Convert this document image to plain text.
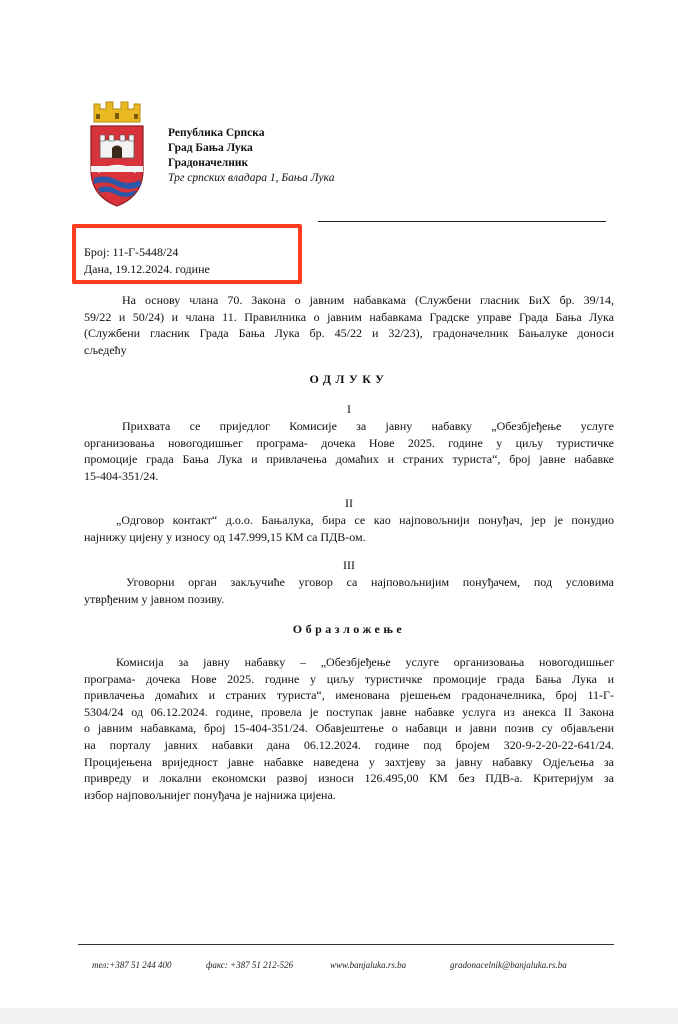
Република Српска
Град Бања Лука
Градоначелник
Трг српских владара 1, Бања Лука
Број: 11-Г-5448/24
Дана, 19.12.2024. године
На основу члана 70. Закона о јавним набавкама (Службени гласник БиХ бр. 39/14,
59/22 и 50/24) и члана 11. Правилника о јавним набавкама Градске управе Града Бања Лука
(Службени гласник Града Бања Лука бр. 45/22 и 32/23), градоначелник Бањалуке доноси
сљедећу
ОДЛУКУ
I
Прихвата се приједлог Комисије за јавну набавку „Обезбјеђење услуге
организовања новогодишњег програма- дочека Нове 2025. године у циљу туристичке
промоције града Бања Лука и привлачења домаћих и страних туриста“, број јавне набавке
15-404-351/24.
II
„Одговор контакт“ д.о.о. Бањалука, бира се као најповољнији понуђач, јер је понудио
најнижу цијену у износу од 147.999,15 КМ са ПДВ-ом.
III
Уговорни орган закључиће уговор са најповољнијим понуђачем, под условима
утврђеним у јавном позиву.
Образложење
Комисија за јавну набавку – „Обезбјеђење услуге организовања новогодишњег
програма- дочека Нове 2025. године у циљу туристичке промоције града Бања Лука и
привлачења домаћих и страних туриста“, именована рјешењем градоначелника, број 11-Г-
5304/24 од 06.12.2024. године, провела је поступак јавне набавке услуга из анекса II Закона
о јавним набавкама, број 15-404-351/24. Обавјештење о набавци и јавни позив су објављени
на порталу јавних набавки дана 06.12.2024. године под бројем 320-9-2-20-22-641/24.
Процијењена вриједност јавне набавке наведена у захтјеву за јавну набавку Одјељења за
привреду и локални економски развој износи 126.495,00 КМ без ПДВ-а. Критеријум за
избор најповољнијег понуђача је најнижа цијена.
тел:+387 51 244 400	факс: +387 51 212-526	www.banjaluka.rs.ba	gradonacelnik@banjaluka.rs.ba
